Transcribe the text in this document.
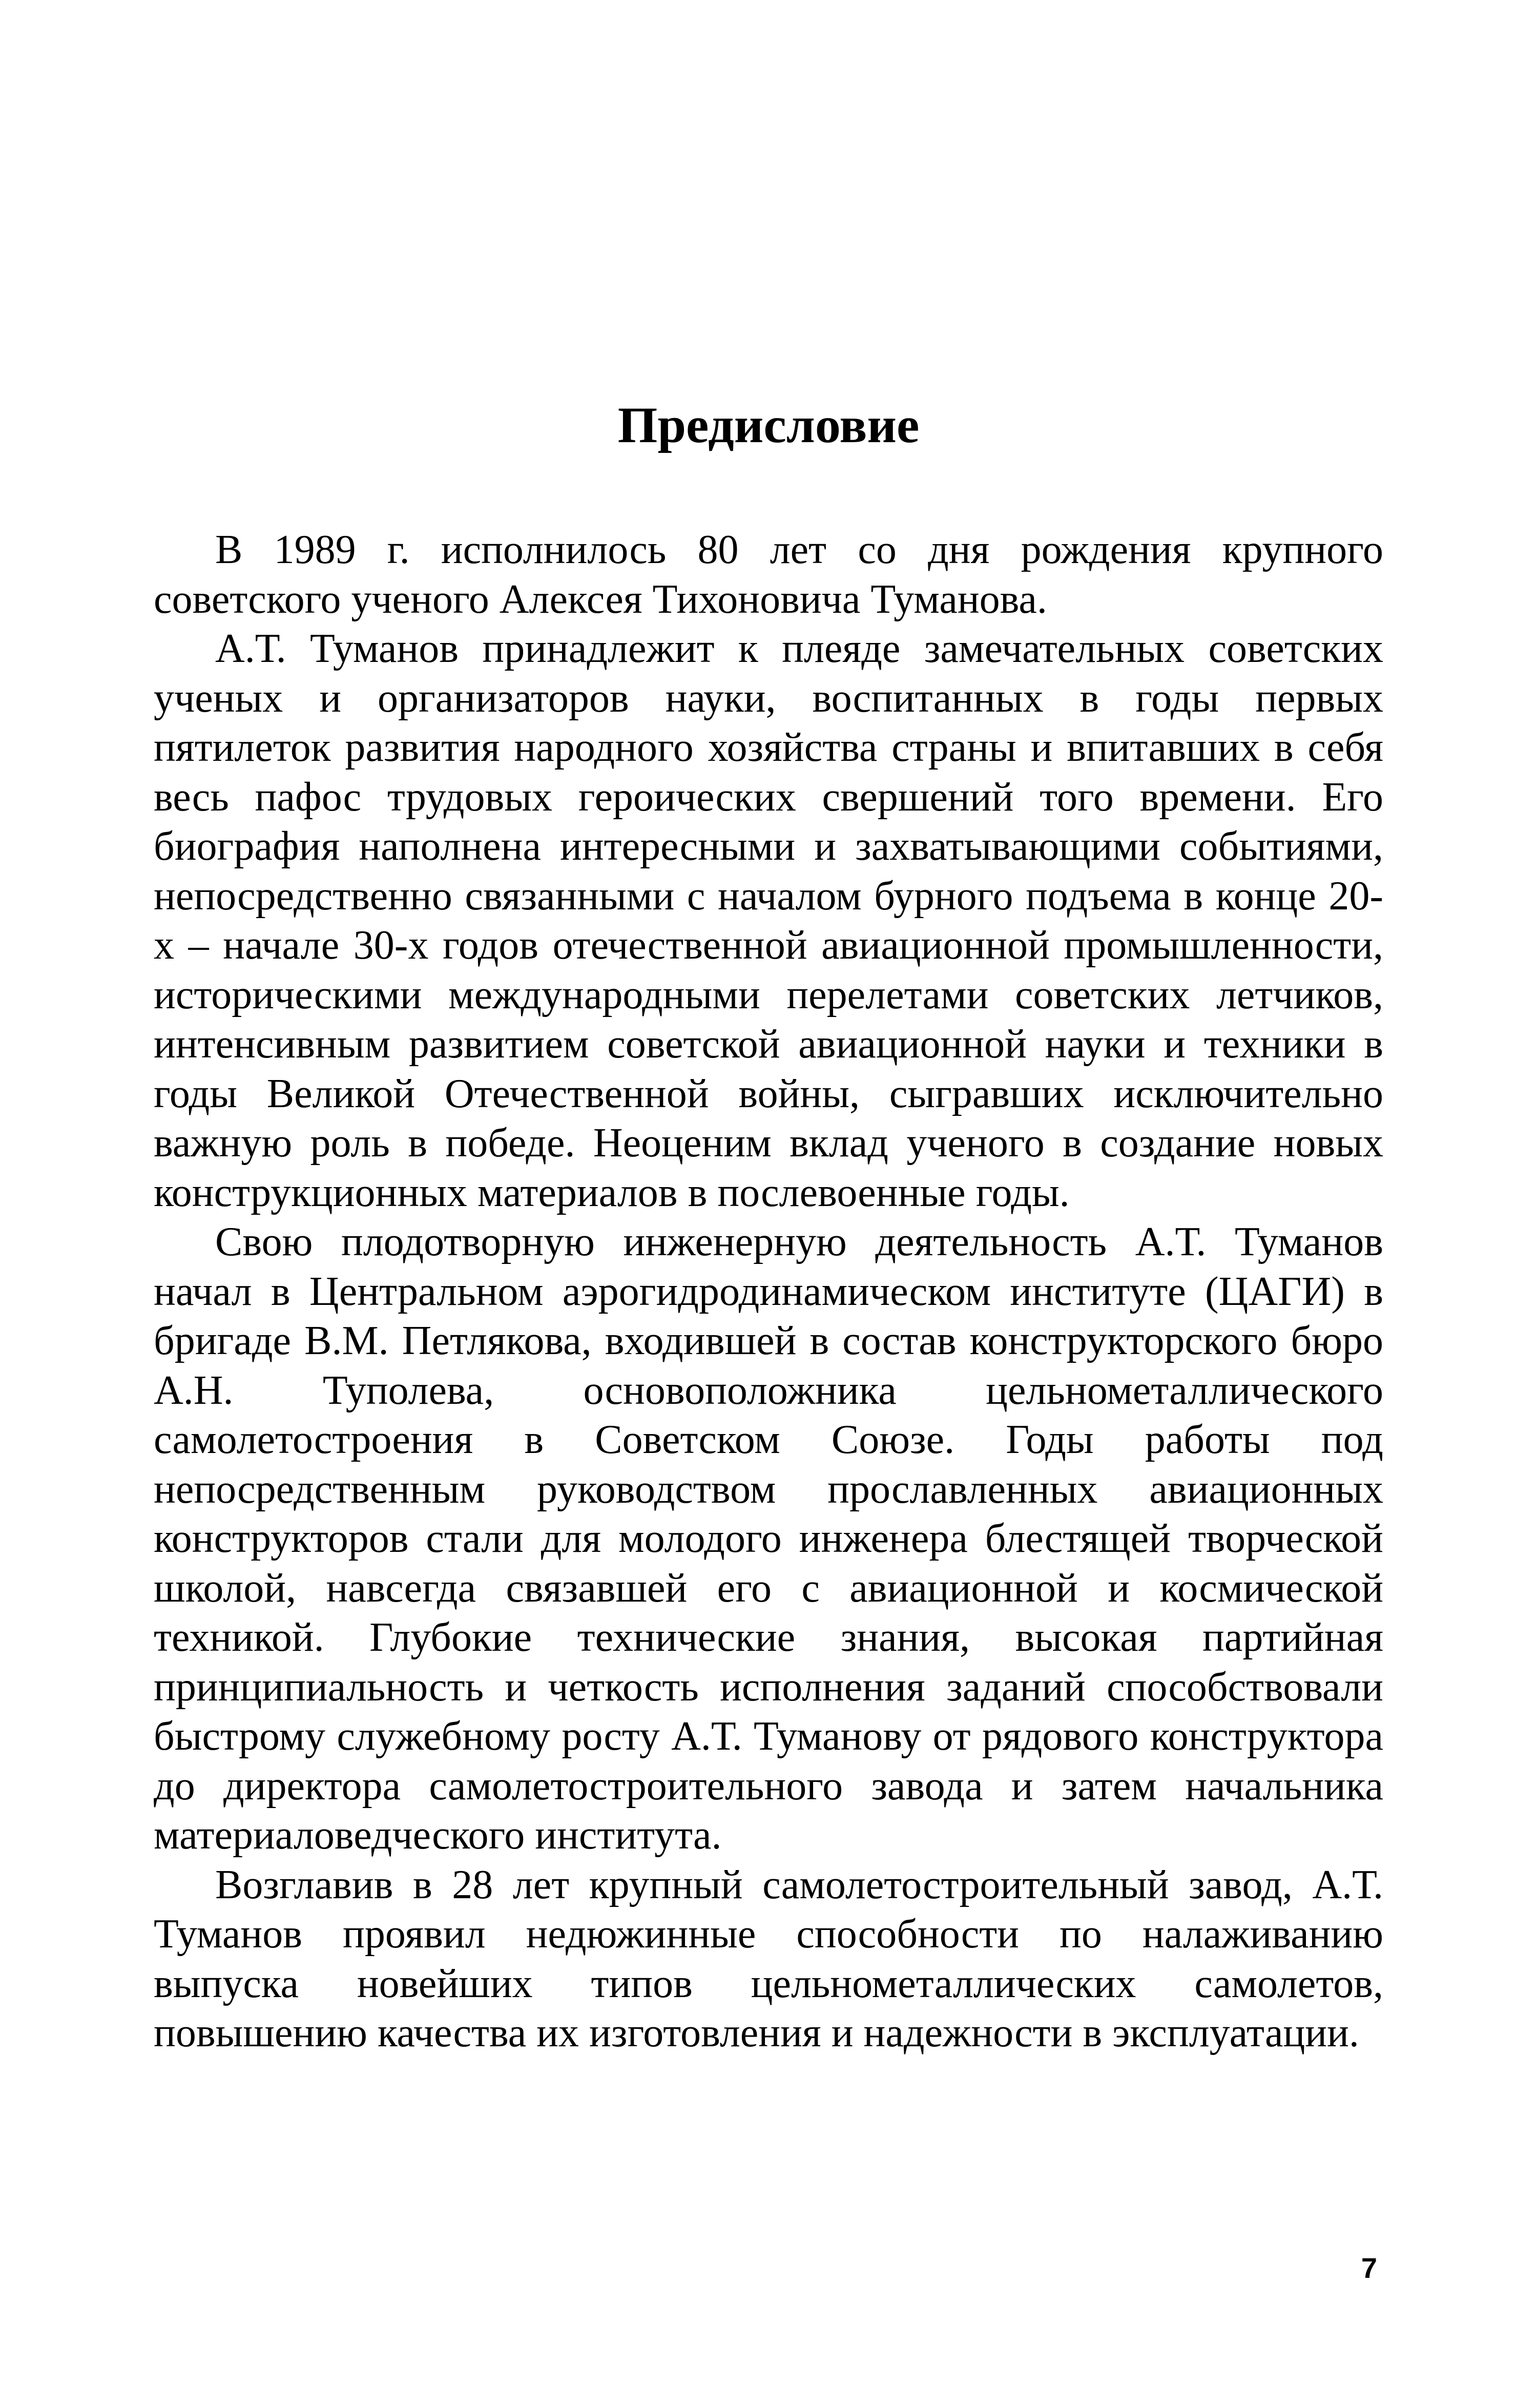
Предисловие

В 1989 г. исполнилось 80 лет со дня рождения крупного советского ученого Алексея Тихоновича Туманова.

А.Т. Туманов принадлежит к плеяде замечательных советских ученых и организаторов науки, воспитанных в годы первых пятилеток развития народного хозяйства страны и впитавших в себя весь пафос трудовых героических свершений того времени. Его биография наполнена интересными и захватывающими событиями, непосредственно связанными с началом бурного подъема в конце 20-х – начале 30-х годов отечественной авиационной промышленности, историческими международными перелетами советских летчиков, интенсивным развитием советской авиационной науки и техники в годы Великой Отечественной войны, сыгравших исключительно важную роль в победе. Неоценим вклад ученого в создание новых конструкционных материалов в послевоенные годы.

Свою плодотворную инженерную деятельность А.Т. Туманов начал в Центральном аэрогидродинамическом институте (ЦАГИ) в бригаде В.М. Петлякова, входившей в состав конструкторского бюро А.Н. Туполева, основоположника цельнометаллического самолетостроения в Советском Союзе. Годы работы под непосредственным руководством прославленных авиационных конструкторов стали для молодого инженера блестящей творческой школой, навсегда связавшей его с авиационной и космической техникой. Глубокие технические знания, высокая партийная принципиальность и четкость исполнения заданий способствовали быстрому служебному росту А.Т. Туманову от рядового конструктора до директора самолетостроительного завода и затем начальника материаловедческого института.

Возглавив в 28 лет крупный самолетостроительный завод, А.Т. Туманов проявил недюжинные способности по налаживанию выпуска новейших типов цельнометаллических самолетов, повышению качества их изготовления и надежности в эксплуатации.

7
